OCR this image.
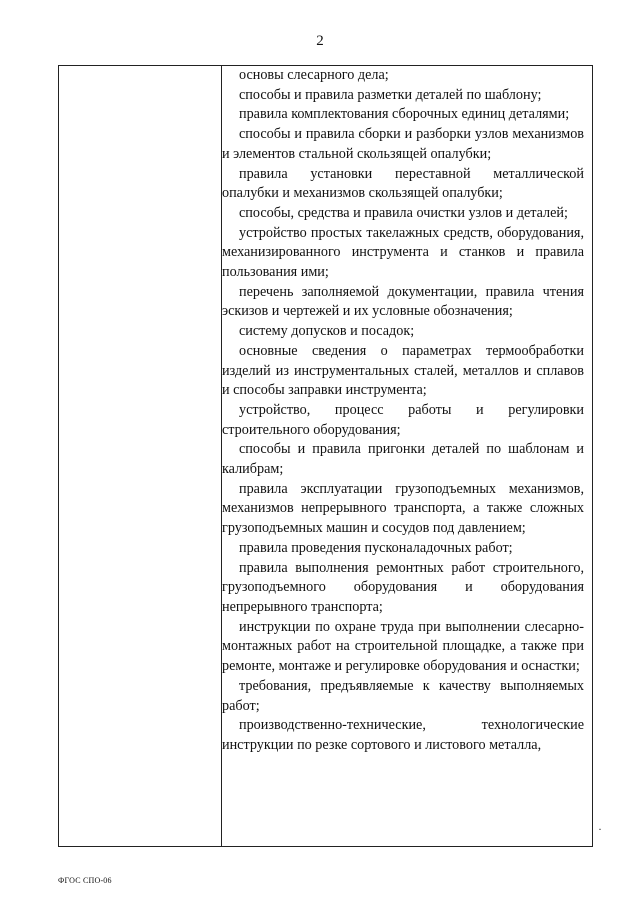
2

основы слесарного дела;

способы и правила разметки деталей по шаблону;

правила комплектования сборочных единиц деталями;

способы и правила сборки и разборки узлов механизмов и элементов стальной скользящей опалубки;

правила установки переставной металлической опалубки и механизмов скользящей опалубки;

способы, средства и правила очистки узлов и деталей;

устройство простых такелажных средств, оборудования, механизированного инструмента и станков и правила пользования ими;

перечень заполняемой документации, правила чтения эскизов и чертежей и их условные обозначения;

систему допусков и посадок;

основные сведения о параметрах термообработки изделий из инструментальных сталей, металлов и сплавов и способы заправки инструмента;

устройство, процесс работы и регулировки строительного оборудования;

способы и правила пригонки деталей по шаблонам и калибрам;

правила эксплуатации грузоподъемных механизмов, механизмов непрерывного транспорта, а также сложных грузоподъемных машин и сосудов под давлением;

правила проведения пусконаладочных работ;

правила выполнения ремонтных работ строительного, грузоподъемного оборудования и оборудования непрерывного транспорта;

инструкции по охране труда при выполнении слесарно-монтажных работ на строительной площадке, а также при ремонте, монтаже и регулировке оборудования и оснастки;

требования, предъявляемые к качеству выполняемых работ;

производственно-технические, технологические инструкции по резке сортового и листового металла,

·
ФГОС СПО-06
